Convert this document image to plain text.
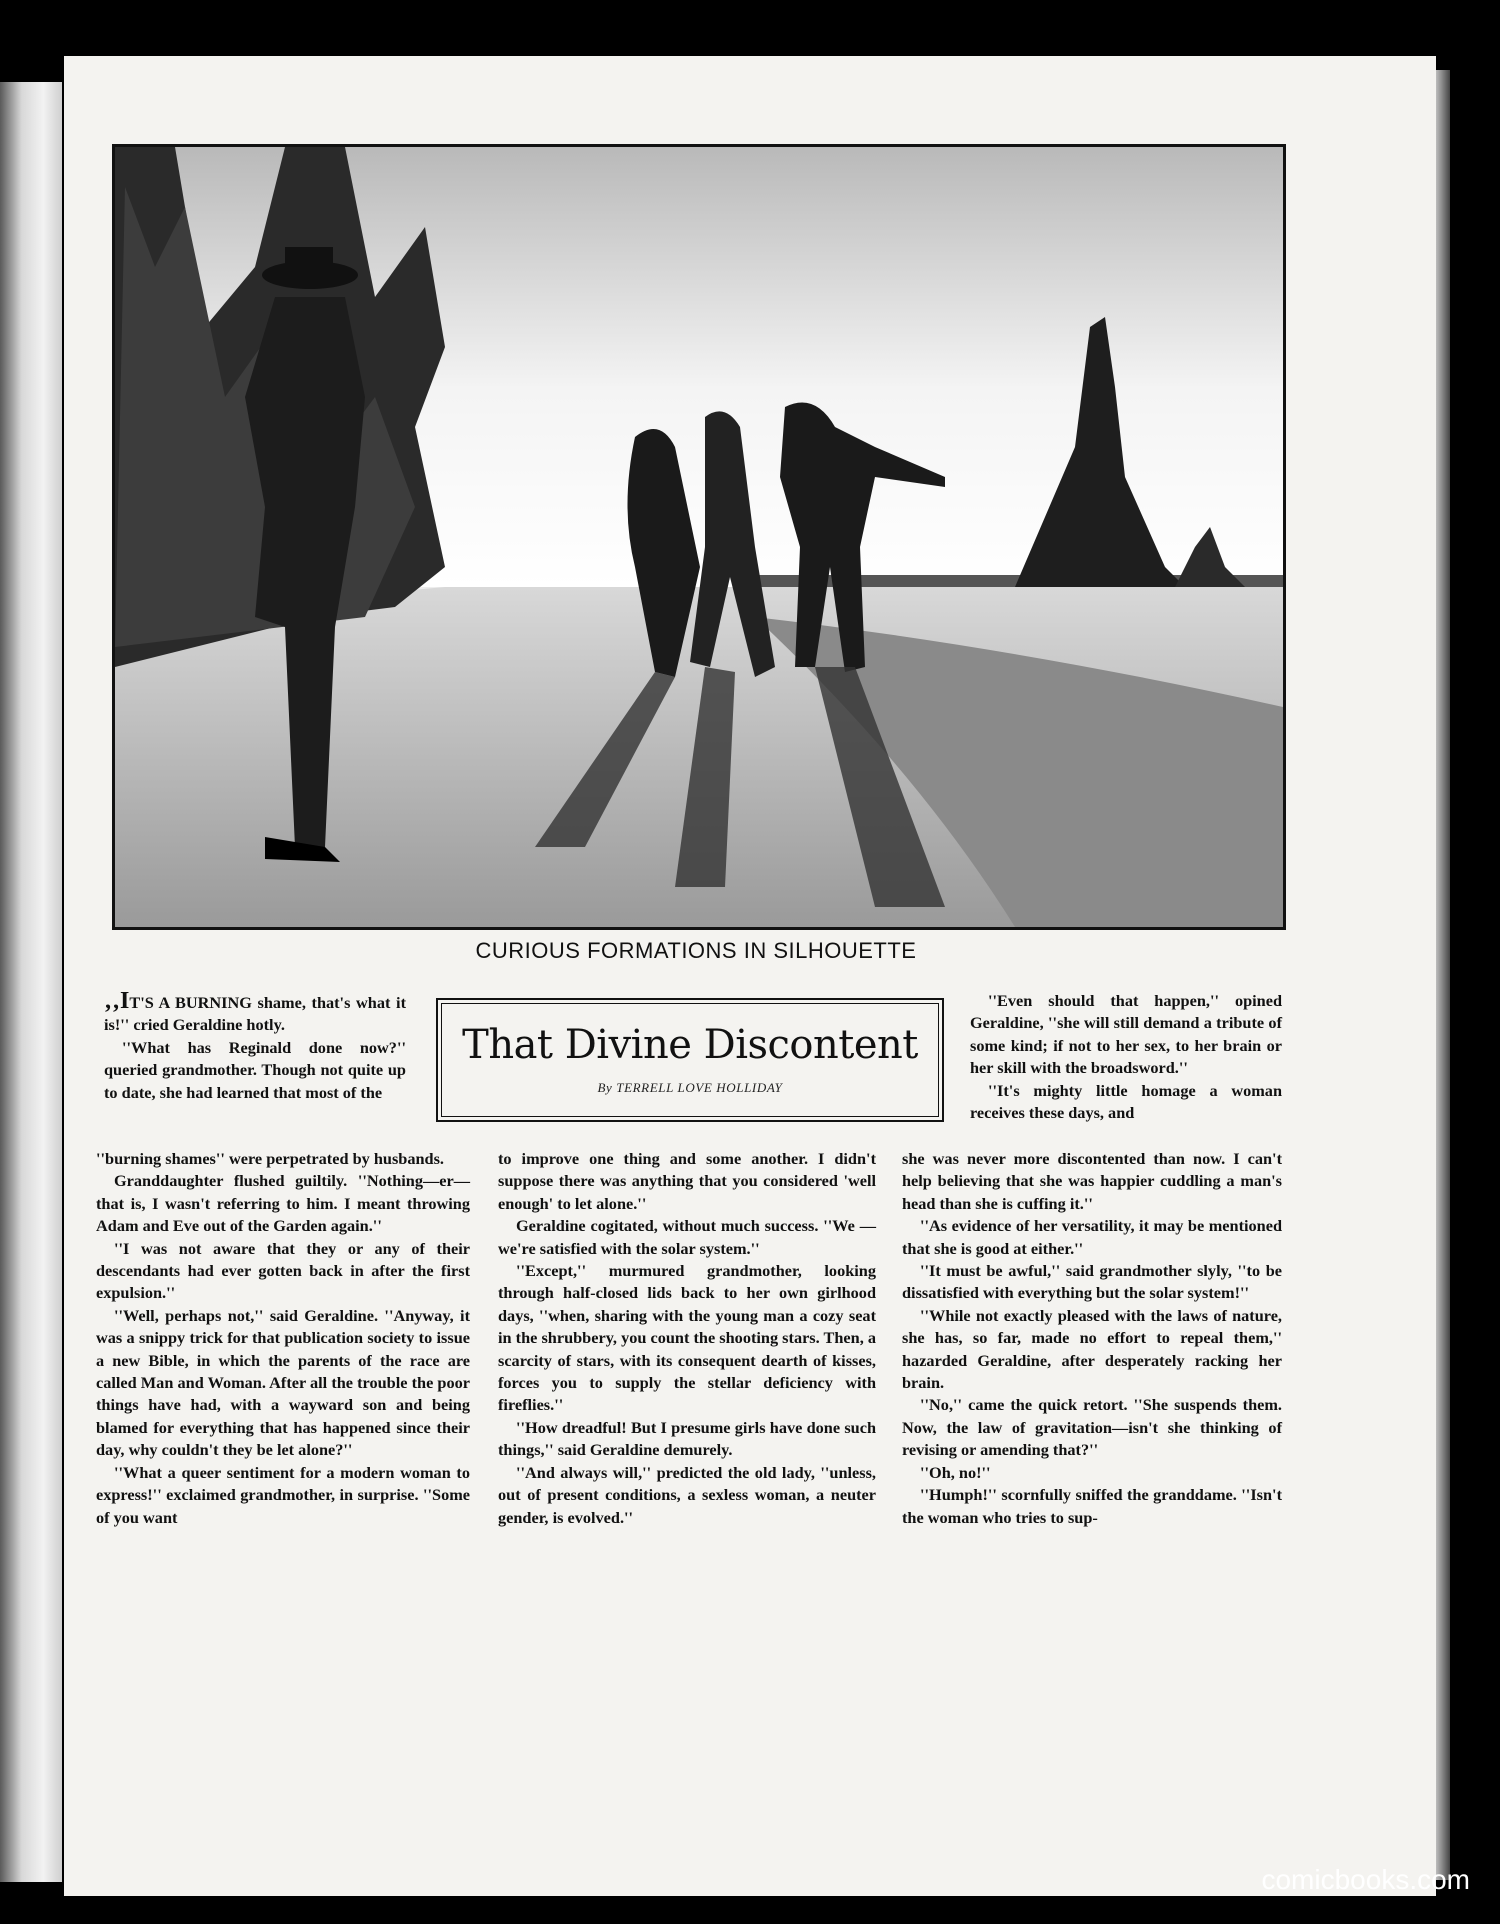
CURIOUS FORMATIONS IN SILHOUETTE
That Divine Discontent
By TERRELL LOVE HOLLIDAY

‚‚IT'S A BURNING shame, that's what it is!'' cried Geraldine hotly.

''What has Reginald done now?'' queried grandmother. Though not quite up to date, she had learned that most of the

''burning shames'' were perpetrated by husbands.

Granddaughter flushed guiltily. ''Nothing—er—that is, I wasn't referring to him. I meant throwing Adam and Eve out of the Garden again.''

''I was not aware that they or any of their descendants had ever gotten back in after the first expulsion.''

''Well, perhaps not,'' said Geraldine. ''Anyway, it was a snippy trick for that publication society to issue a new Bible, in which the parents of the race are called Man and Woman. After all the trouble the poor things have had, with a wayward son and being blamed for everything that has happened since their day, why couldn't they be let alone?''

''What a queer sentiment for a modern woman to express!'' exclaimed grandmother, in surprise. ''Some of you want

to improve one thing and some another. I didn't suppose there was anything that you considered 'well enough' to let alone.''

Geraldine cogitated, without much success. ''We — we're satisfied with the solar system.''

''Except,'' murmured grandmother, looking through half-closed lids back to her own girlhood days, ''when, sharing with the young man a cozy seat in the shrubbery, you count the shooting stars. Then, a scarcity of stars, with its consequent dearth of kisses, forces you to supply the stellar deficiency with fireflies.''

''How dreadful! But I presume girls have done such things,'' said Geraldine demurely.

''And always will,'' predicted the old lady, ''unless, out of present conditions, a sexless woman, a neuter gender, is evolved.''

''Even should that happen,'' opined Geraldine, ''she will still demand a tribute of some kind; if not to her sex, to her brain or her skill with the broadsword.''

''It's mighty little homage a woman receives these days, and

she was never more discontented than now. I can't help believing that she was happier cuddling a man's head than she is cuffing it.''

''As evidence of her versatility, it may be mentioned that she is good at either.''

''It must be awful,'' said grandmother slyly, ''to be dissatisfied with everything but the solar system!''

''While not exactly pleased with the laws of nature, she has, so far, made no effort to repeal them,'' hazarded Geraldine, after desperately racking her brain.

''No,'' came the quick retort. ''She suspends them. Now, the law of gravitation—isn't she thinking of revising or amending that?''

''Oh, no!''

''Humph!'' scornfully sniffed the granddame. ''Isn't the woman who tries to sup-

comicbooks.com
